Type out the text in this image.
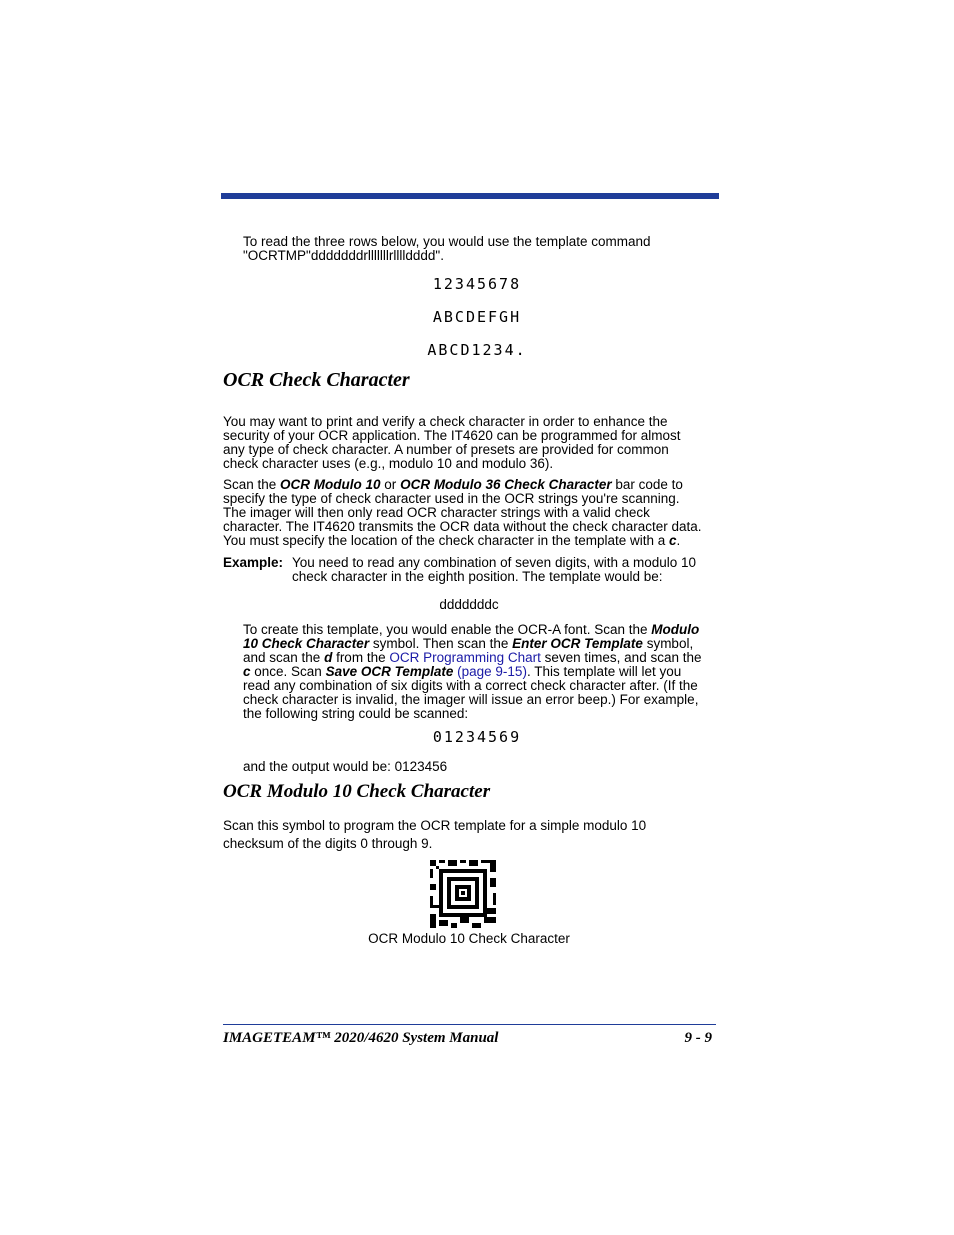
To read the three rows below, you would use the template command
"OCRTMP"dddddddrlllllllrlllldddd".
12345678
ABCDEFGH
ABCD1234.
OCR Check Character
You may want to print and verify a check character in order to enhance the
security of your OCR application. The IT4620 can be programmed for almost
any type of check character. A number of presets are provided for common
check character uses (e.g., modulo 10 and modulo 36).
Scan the OCR Modulo 10 or OCR Modulo 36 Check Character bar code to
specify the type of check character used in the OCR strings you're scanning.
The imager will then only read OCR character strings with a valid check
character. The IT4620 transmits the OCR data without the check character data.
You must specify the location of the check character in the template with a c.
Example: You need to read any combination of seven digits, with a modulo 10
check character in the eighth position. The template would be:
dddddddc
To create this template, you would enable the OCR-A font. Scan the Modulo
10 Check Character symbol. Then scan the Enter OCR Template symbol,
and scan the d from the OCR Programming Chart seven times, and scan the
c once. Scan Save OCR Template (page 9-15). This template will let you
read any combination of six digits with a correct check character after. (If the
check character is invalid, the imager will issue an error beep.) For example,
the following string could be scanned:
01234569
and the output would be: 0123456
OCR Modulo 10 Check Character
Scan this symbol to program the OCR template for a simple modulo 10
checksum of the digits 0 through 9.
OCR Modulo 10 Check Character
IMAGETEAM™ 2020/4620 System Manual	9 - 9
